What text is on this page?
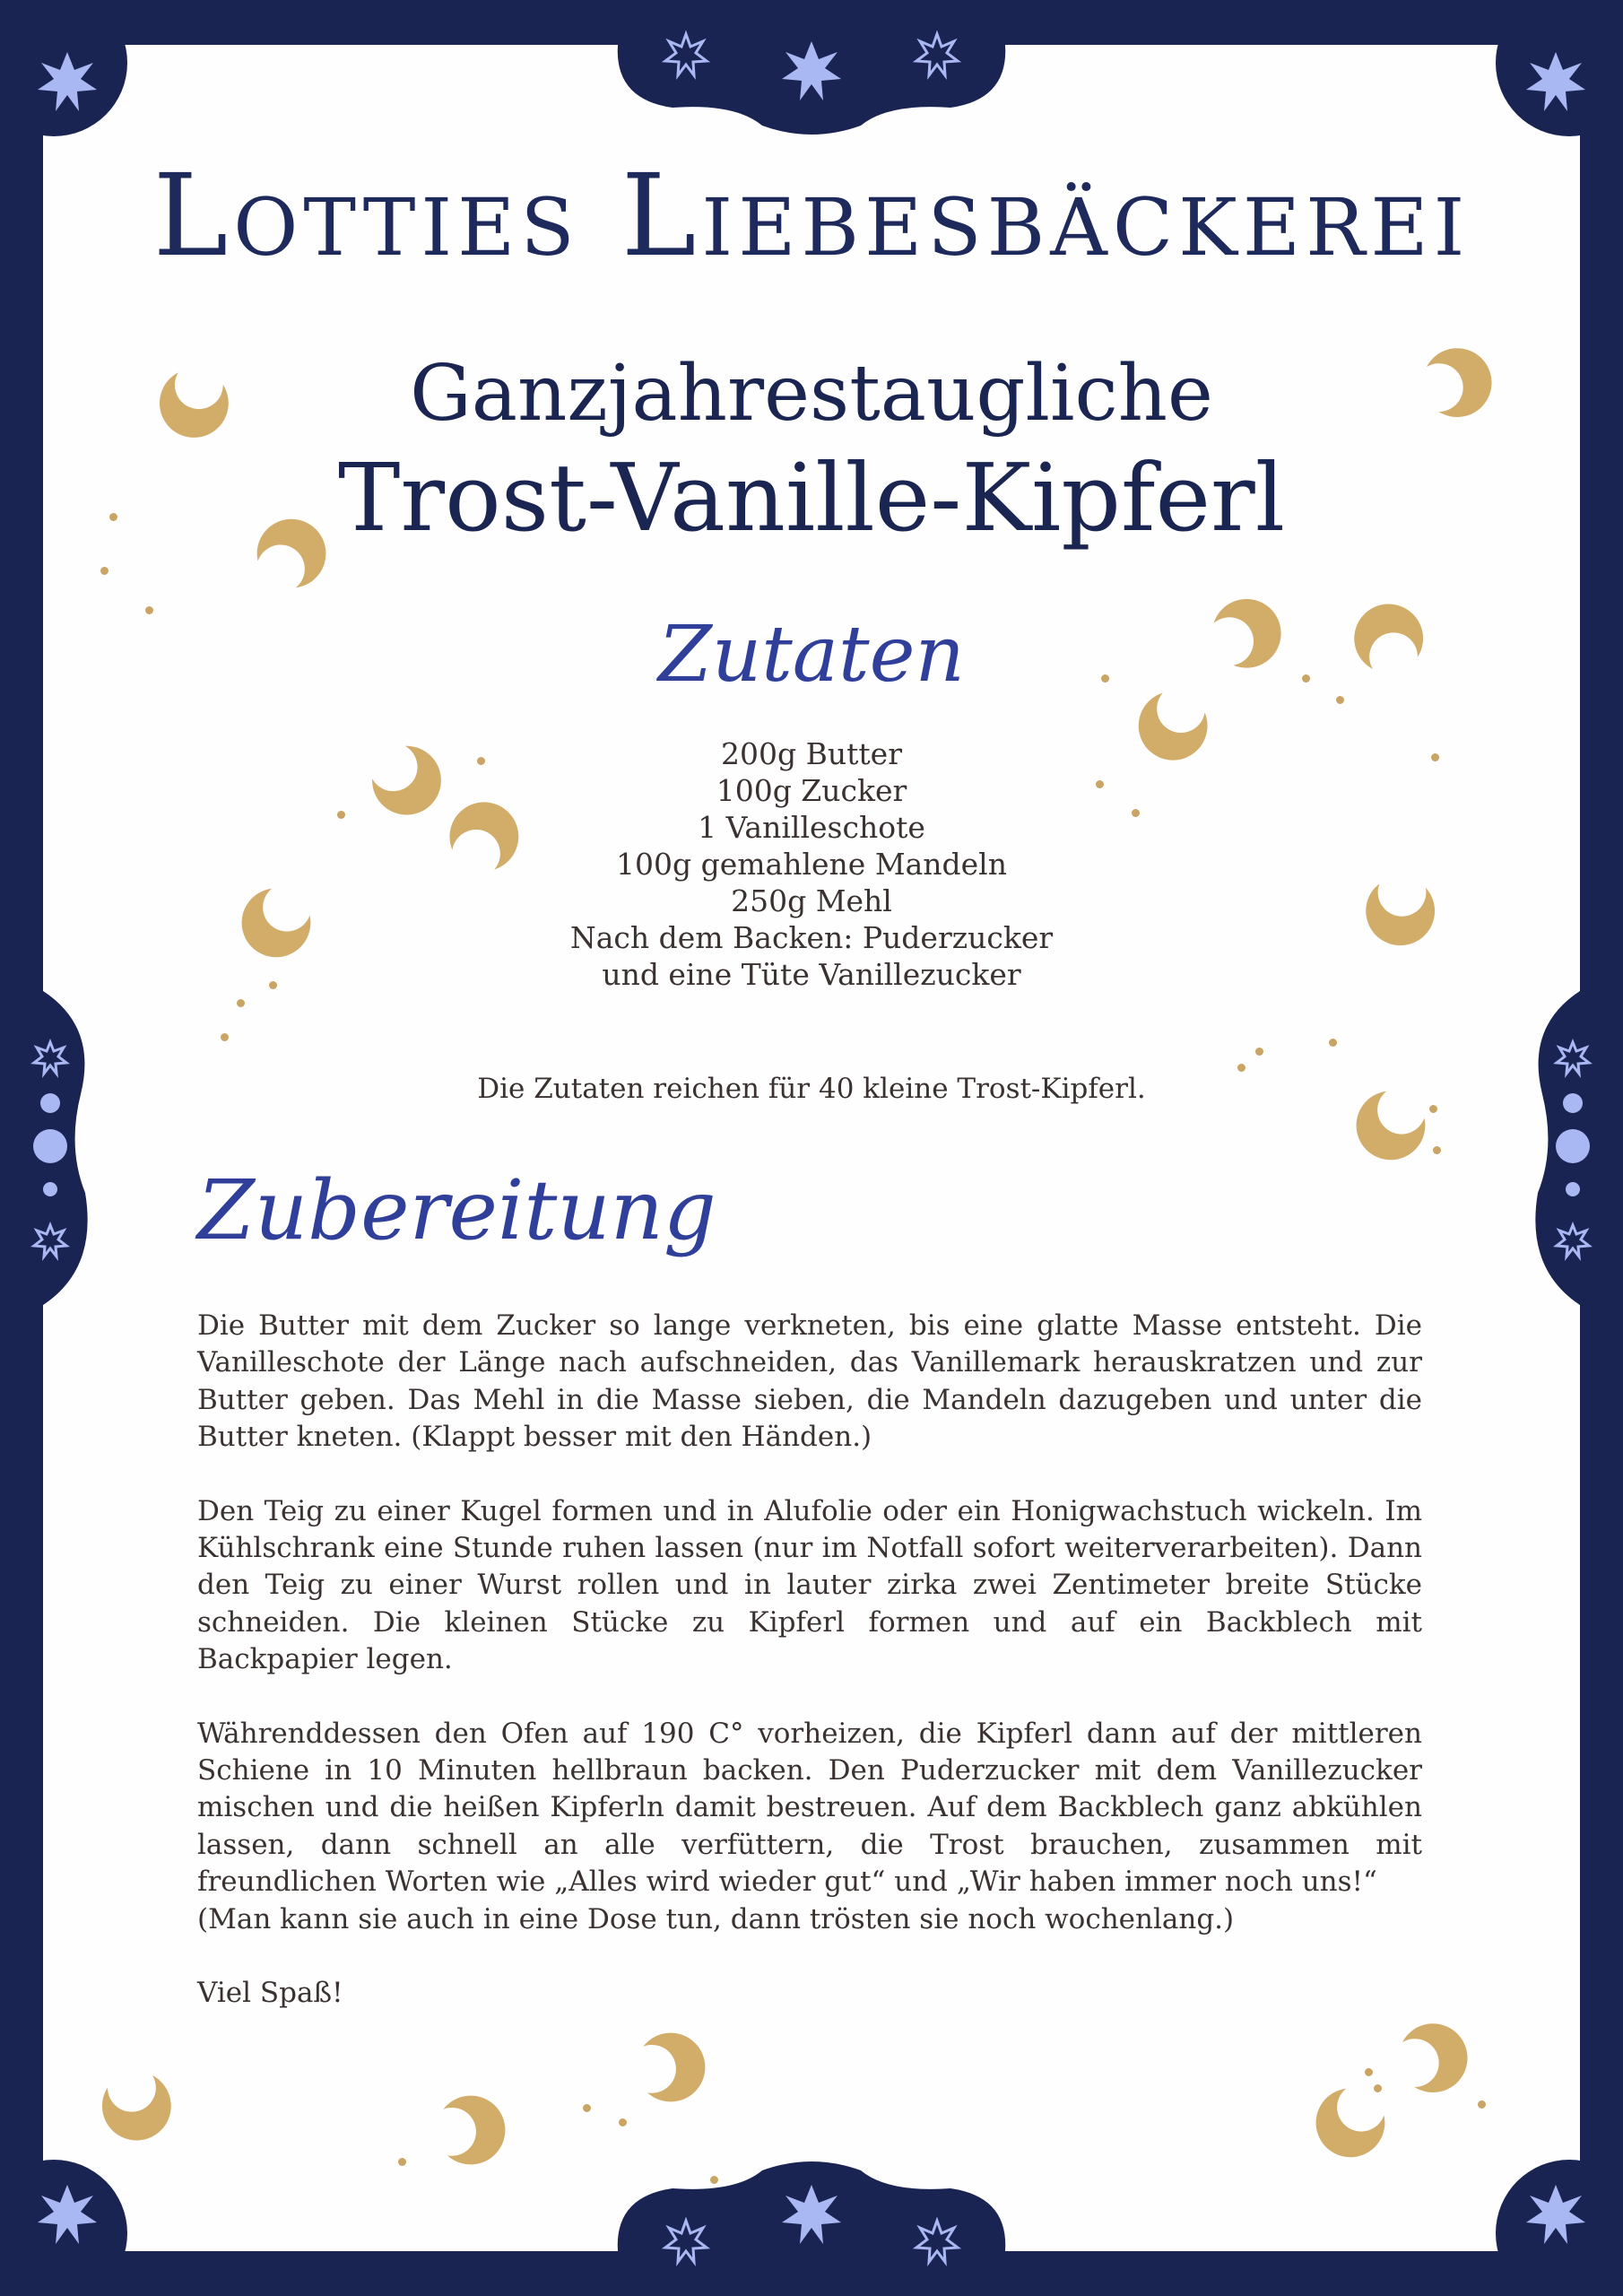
Lotties Liebesbäckerei
Ganzjahrestaugliche
Trost-Vanille-Kipferl
Zutaten
200g Butter
100g Zucker
1 Vanilleschote
100g gemahlene Mandeln
250g Mehl
Nach dem Backen: Puderzucker
und eine Tüte Vanillezucker
Die Zutaten reichen für 40 kleine Trost-Kipferl.
Zubereitung

Die Butter mit dem Zucker so lange verkneten, bis eine glatte Masse entsteht. Die Vanilleschote der Länge nach aufschneiden, das Vanillemark herauskratzen und zur Butter geben. Das Mehl in die Masse sieben, die Mandeln dazugeben und unter die Butter kneten. (Klappt besser mit den Händen.)

Den Teig zu einer Kugel formen und in Alufolie oder ein Honigwachstuch wickeln. Im Kühlschrank eine Stunde ruhen lassen (nur im Notfall sofort weiterverarbeiten). Dann den Teig zu einer Wurst rollen und in lauter zirka zwei Zentimeter breite Stücke schneiden. Die kleinen Stücke zu Kipferl formen und auf ein Backblech mit Backpapier legen.

Währenddessen den Ofen auf 190 C° vorheizen, die Kipferl dann auf der mittleren Schiene in 10 Minuten hellbraun backen. Den Puderzucker mit dem Vanillezucker mischen und die heißen Kipferln damit bestreuen. Auf dem Backblech ganz abkühlen lassen, dann schnell an alle verfüttern, die Trost brauchen, zusammen mit freundlichen Worten wie „Alles wird wieder gut“ und „Wir haben immer noch uns!“

(Man kann sie auch in eine Dose tun, dann trösten sie noch wochenlang.)

Viel Spaß!
